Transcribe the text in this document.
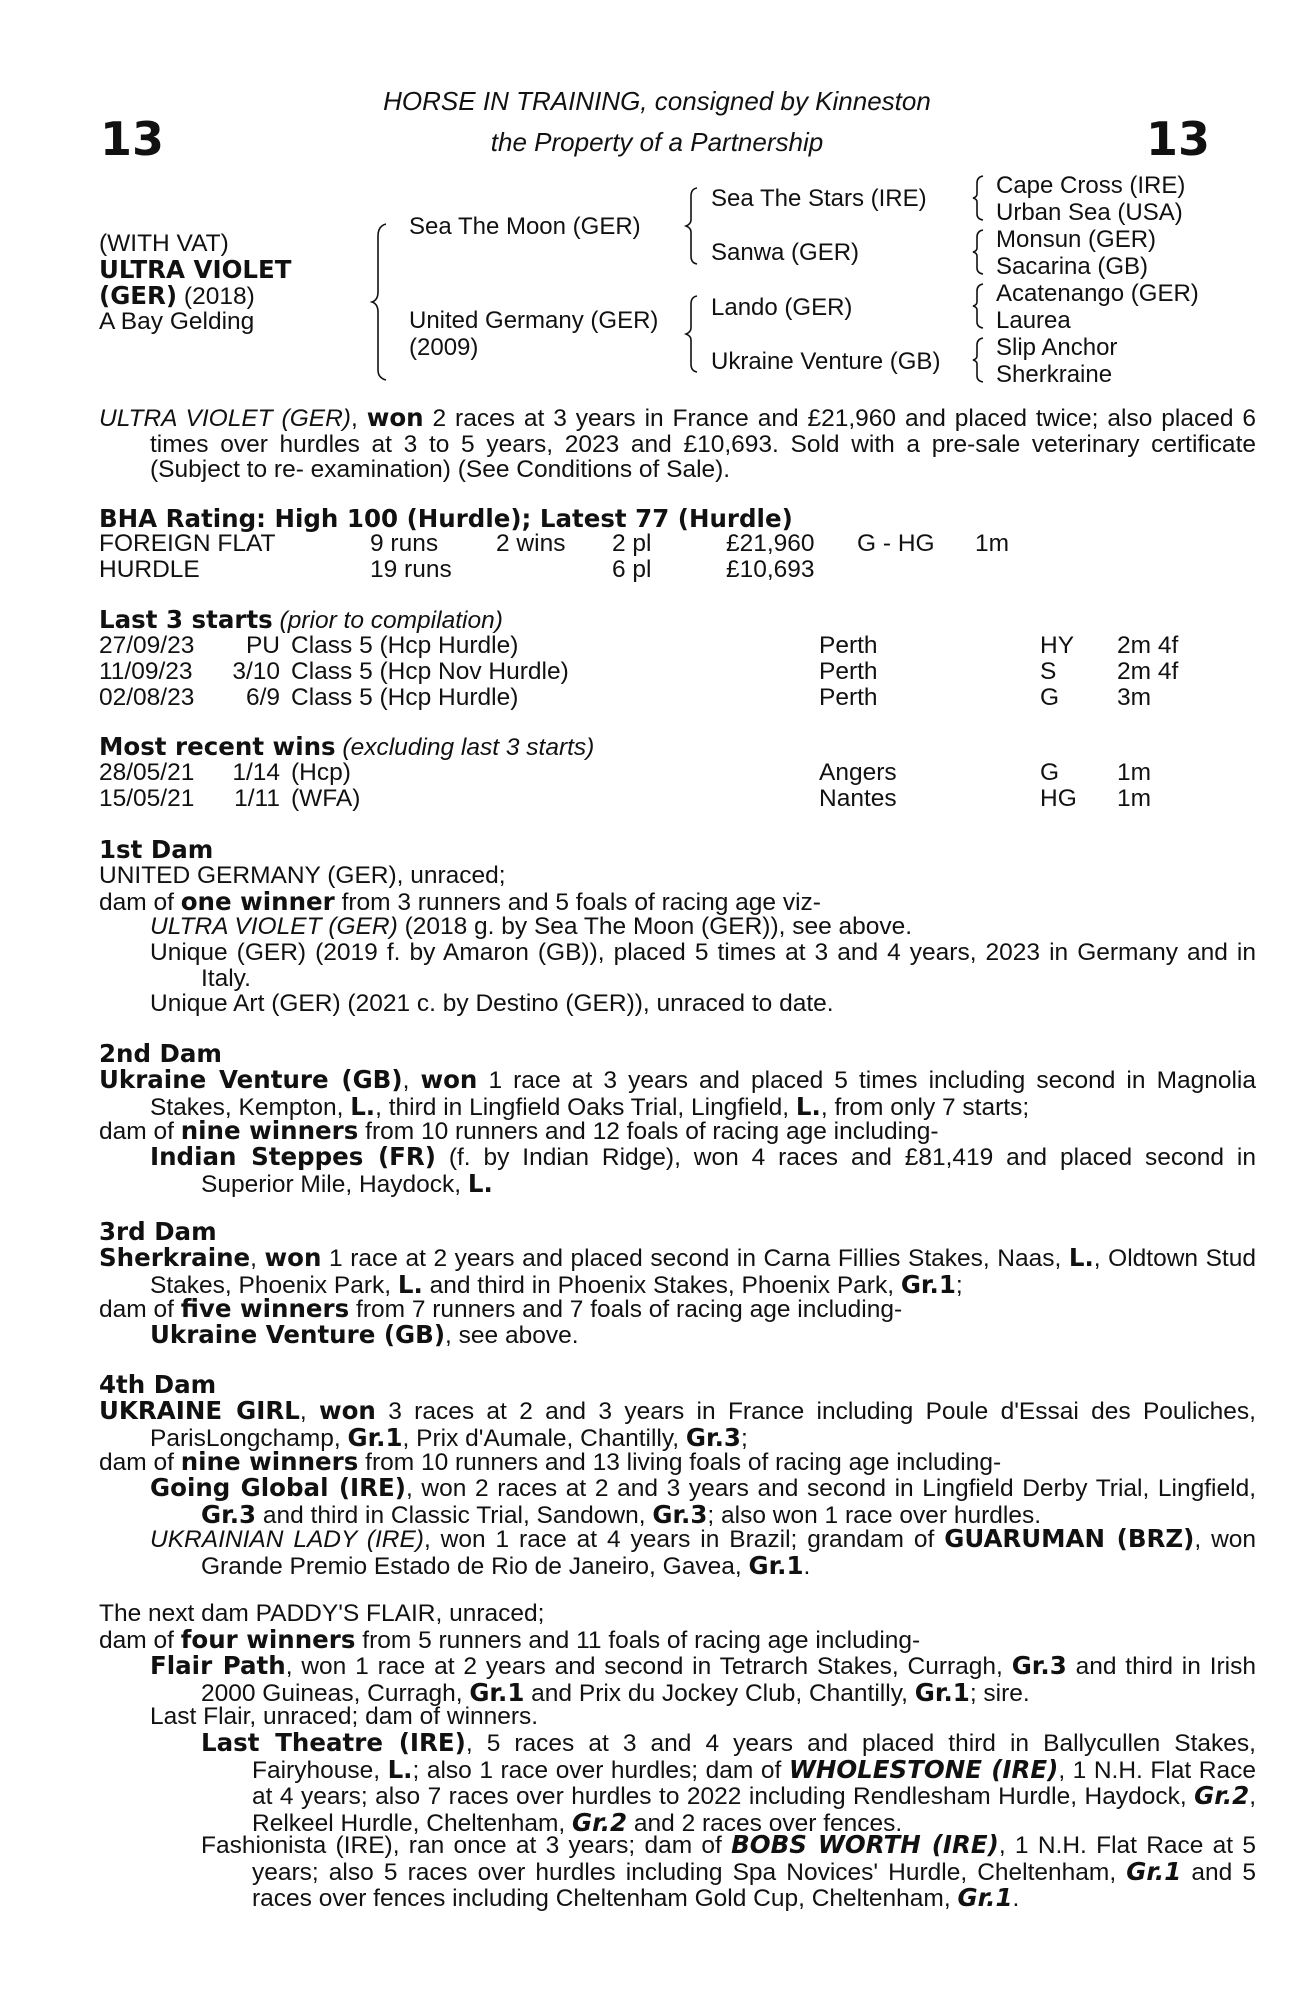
13	13
HORSE IN TRAINING, consigned by Kinneston
the Property of a Partnership
(WITH VAT)
ULTRA VIOLET
(GER) (2018)
A Bay Gelding
Sea The Moon (GER)
United Germany (GER)
(2009)
Sea The Stars (IRE)
Sanwa (GER)
Lando (GER)
Ukraine Venture (GB)
Cape Cross (IRE)
Urban Sea (USA)
Monsun (GER)
Sacarina (GB)
Acatenango (GER)
Laurea
Slip Anchor
Sherkraine
ULTRA VIOLET (GER), won 2 races at 3 years in France and £21,960 and placed twice; also placed 6 times over hurdles at 3 to 5 years, 2023 and £10,693. Sold with a pre-sale veterinary certificate (Subject to re- examination) (See Conditions of Sale).
BHA Rating: High 100 (Hurdle); Latest 77 (Hurdle)
FOREIGN FLAT	9 runs 2 wins 2 pl	£21,960 G - HG 1m
HURDLE	19 runs	6 pl	£10,693
Last 3 starts (prior to compilation)
27/09/23	PU Class 5 (Hcp Hurdle)	Perth	HY 2m 4f
11/09/23	3/10 Class 5 (Hcp Nov Hurdle)	Perth	S 2m 4f
02/08/23	6/9 Class 5 (Hcp Hurdle)	Perth	G 3m
Most recent wins (excluding last 3 starts)
28/05/21	1/14 (Hcp)	Angers	G 1m
15/05/21	1/11 (WFA)	Nantes	HG 1m
1st Dam
UNITED GERMANY (GER), unraced;
dam of one winner from 3 runners and 5 foals of racing age viz-
ULTRA VIOLET (GER) (2018 g. by Sea The Moon (GER)), see above.
Unique (GER) (2019 f. by Amaron (GB)), placed 5 times at 3 and 4 years, 2023 in Germany and in Italy.
Unique Art (GER) (2021 c. by Destino (GER)), unraced to date.
2nd Dam
Ukraine Venture (GB), won 1 race at 3 years and placed 5 times including second in Magnolia Stakes, Kempton, L., third in Lingfield Oaks Trial, Lingfield, L., from only 7 starts;
dam of nine winners from 10 runners and 12 foals of racing age including-
Indian Steppes (FR) (f. by Indian Ridge), won 4 races and £81,419 and placed second in Superior Mile, Haydock, L.
3rd Dam
Sherkraine, won 1 race at 2 years and placed second in Carna Fillies Stakes, Naas, L., Oldtown Stud Stakes, Phoenix Park, L. and third in Phoenix Stakes, Phoenix Park, Gr.1;
dam of five winners from 7 runners and 7 foals of racing age including-
Ukraine Venture (GB), see above.
4th Dam
UKRAINE GIRL, won 3 races at 2 and 3 years in France including Poule d'Essai des Pouliches, ParisLongchamp, Gr.1, Prix d'Aumale, Chantilly, Gr.3;
dam of nine winners from 10 runners and 13 living foals of racing age including-
Going Global (IRE), won 2 races at 2 and 3 years and second in Lingfield Derby Trial, Lingfield, Gr.3 and third in Classic Trial, Sandown, Gr.3; also won 1 race over hurdles.
UKRAINIAN LADY (IRE), won 1 race at 4 years in Brazil; grandam of GUARUMAN (BRZ), won Grande Premio Estado de Rio de Janeiro, Gavea, Gr.1.
The next dam PADDY'S FLAIR, unraced;
dam of four winners from 5 runners and 11 foals of racing age including-
Flair Path, won 1 race at 2 years and second in Tetrarch Stakes, Curragh, Gr.3 and third in Irish 2000 Guineas, Curragh, Gr.1 and Prix du Jockey Club, Chantilly, Gr.1; sire.
Last Flair, unraced; dam of winners.
Last Theatre (IRE), 5 races at 3 and 4 years and placed third in Ballycullen Stakes, Fairyhouse, L.; also 1 race over hurdles; dam of WHOLESTONE (IRE), 1 N.H. Flat Race at 4 years; also 7 races over hurdles to 2022 including Rendlesham Hurdle, Haydock, Gr.2, Relkeel Hurdle, Cheltenham, Gr.2 and 2 races over fences.
Fashionista (IRE), ran once at 3 years; dam of BOBS WORTH (IRE), 1 N.H. Flat Race at 5 years; also 5 races over hurdles including Spa Novices' Hurdle, Cheltenham, Gr.1 and 5 races over fences including Cheltenham Gold Cup, Cheltenham, Gr.1.
